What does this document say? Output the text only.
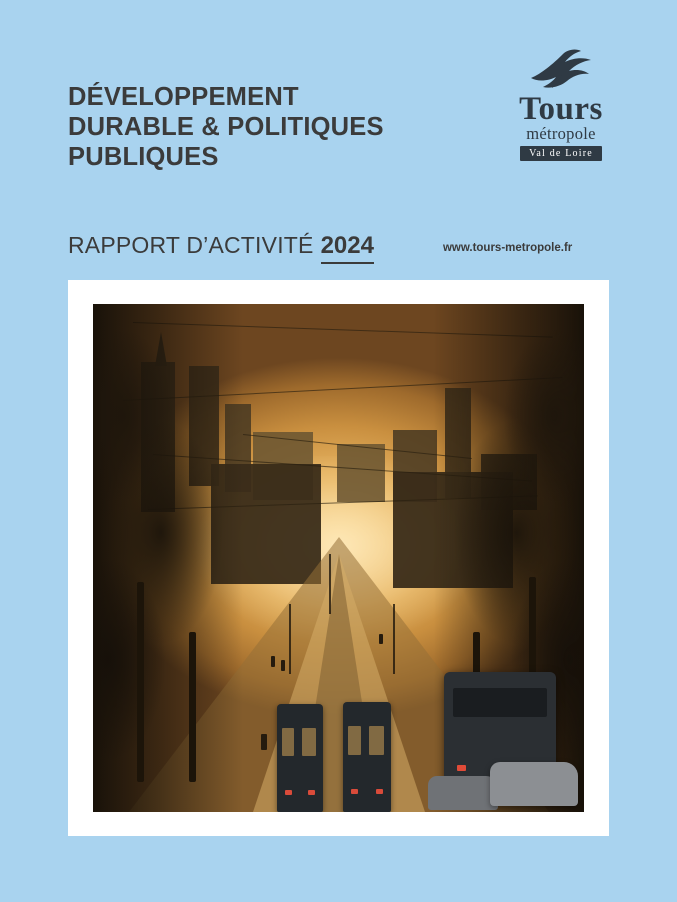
DÉVELOPPEMENT
DURABLE & POLITIQUES
PUBLIQUES
RAPPORT D’ACTIVITÉ 2024	www.tours-metropole.fr
Tours
métropole
Val de Loire
